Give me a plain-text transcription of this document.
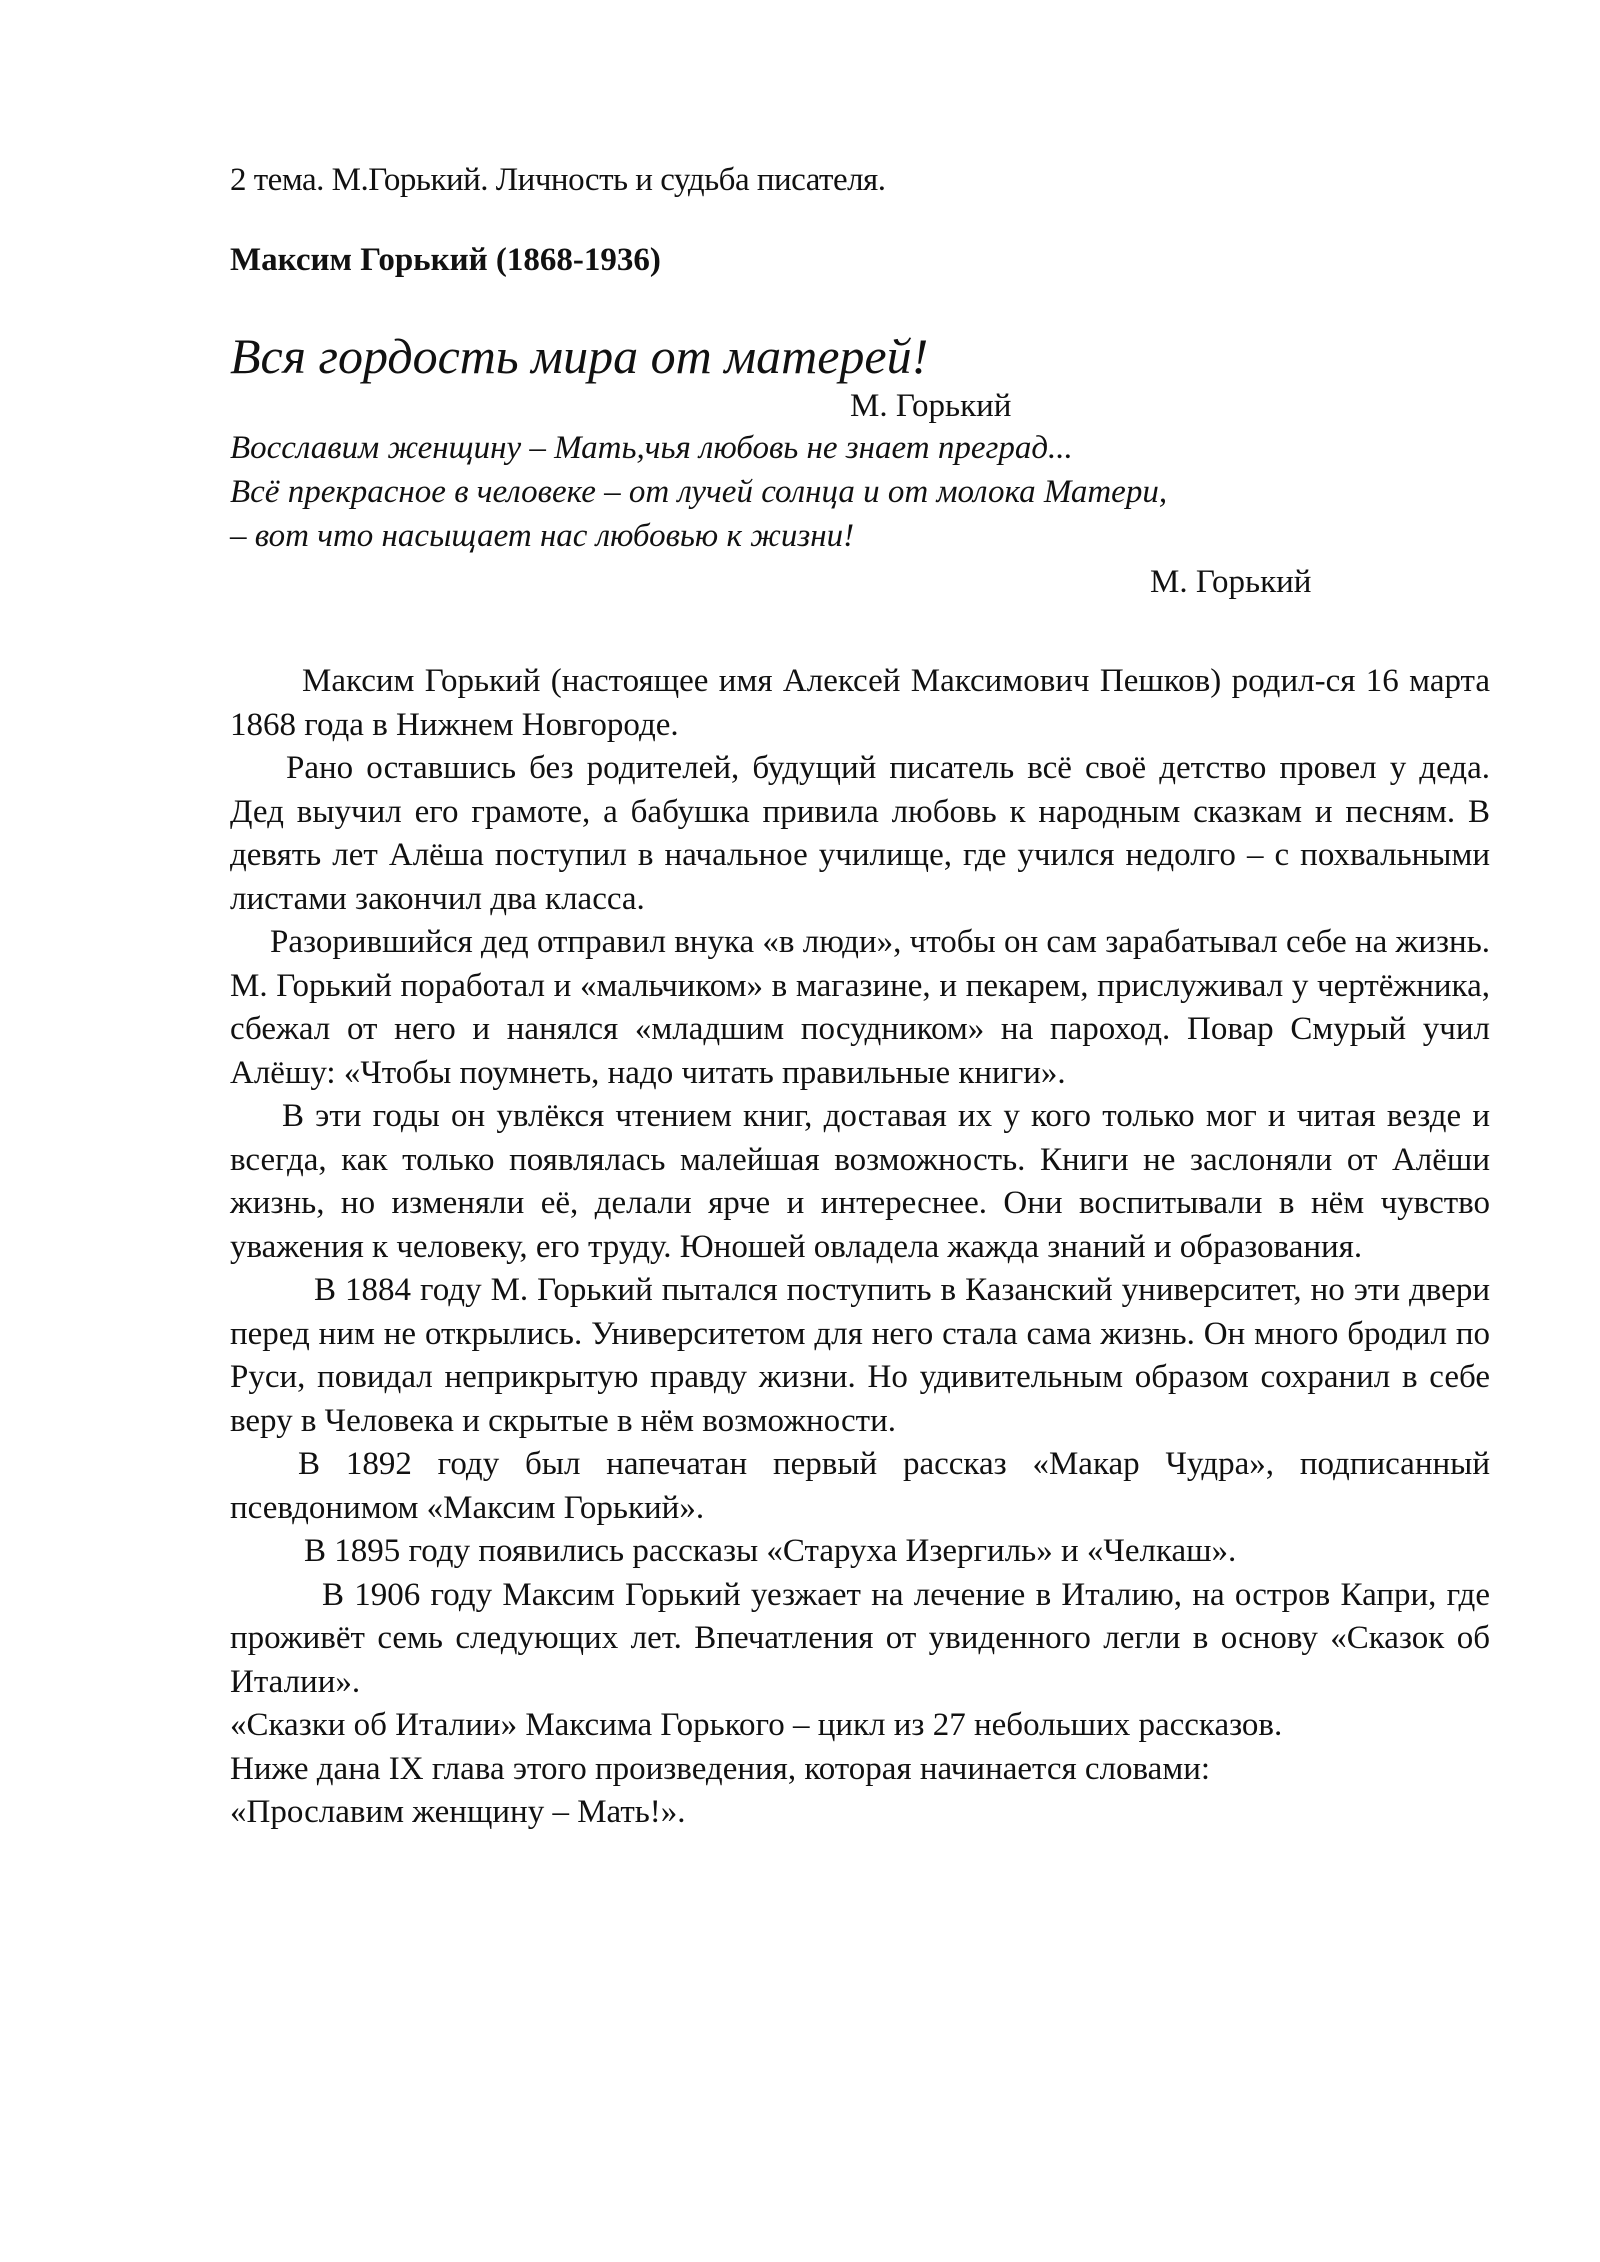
2 тема. М.Горький. Личность и судьба писателя.

Максим Горький (1868-1936)

Вся гордость мира от матерей!

М. Горький

Восславим женщину – Мать,чья любовь не знает преград...

Всё прекрасное в человеке – от лучей солнца и от молока Матери,

– вот что насыщает нас любовью к жизни!

М. Горький

Максим Горький (настоящее имя Алексей Максимович Пешков) родил-ся 16 марта 1868 года в Нижнем Новгороде.

Рано оставшись без родителей, будущий писатель всё своё детство провел у деда. Дед выучил его грамоте, а бабушка привила любовь к народным сказкам и песням. В девять лет Алёша поступил в начальное училище, где учился недолго – с похвальными листами закончил два класса.

Разорившийся дед отправил внука «в люди», чтобы он сам зарабатывал себе на жизнь. М. Горький поработал и «мальчиком» в магазине, и пекарем, прислуживал у чертёжника, сбежал от него и нанялся «младшим посудником» на пароход. Повар Смурый учил Алёшу: «Чтобы поумнеть, надо читать правильные книги».

В эти годы он увлёкся чтением книг, доставая их у кого только мог и читая везде и всегда, как только появлялась малейшая возможность. Книги не заслоняли от Алёши жизнь, но изменяли её, делали ярче и интереснее. Они воспитывали в нём чувство уважения к человеку, его труду. Юношей овладела жажда знаний и образования.

В 1884 году М. Горький пытался поступить в Казанский университет, но эти двери перед ним не открылись. Университетом для него стала сама жизнь. Он много бродил по Руси, повидал неприкрытую правду жизни. Но удивительным образом сохранил в себе веру в Человека и скрытые в нём возможности.

В 1892 году был напечатан первый рассказ «Макар Чудра», подписанный псевдонимом «Максим Горький».

В 1895 году появились рассказы «Старуха Изергиль» и «Челкаш».

В 1906 году Максим Горький уезжает на лечение в Италию, на остров Капри, где проживёт семь следующих лет. Впечатления от увиденного легли в основу «Сказок об Италии».

«Сказки об Италии» Максима Горького – цикл из 27 небольших рассказов.

Ниже дана IX глава этого произведения, которая начинается словами:

«Прославим женщину – Мать!».
